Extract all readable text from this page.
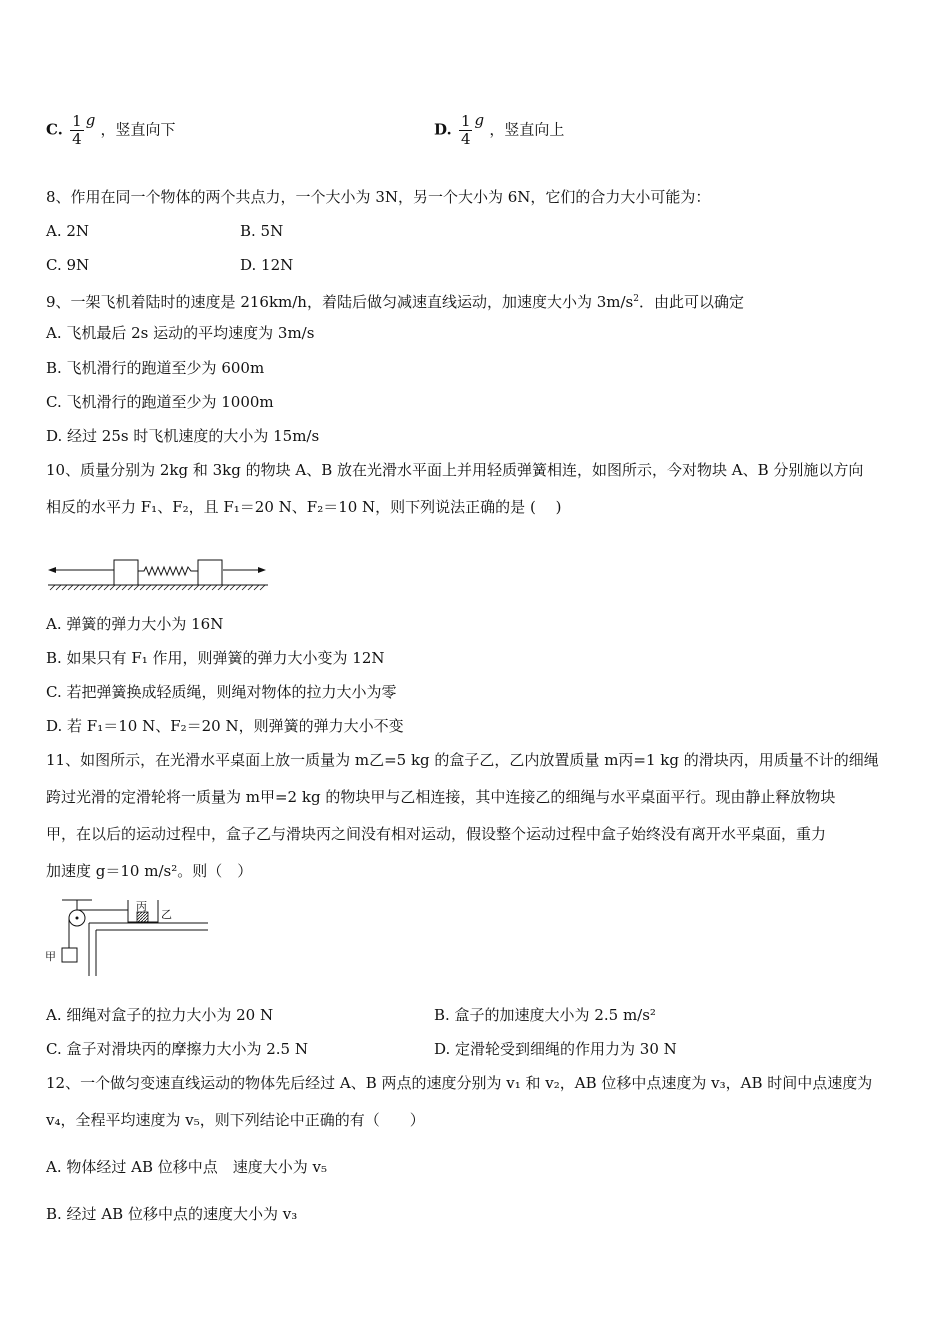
C. $\frac{1}{4}$ g ，竖直向下	D. $\frac{1}{4}$ g ，竖直向上
8、作用在同一个物体的两个共点力，一个大小为 3N，另一个大小为 6N，它们的合力大小可能为：
A. 2N	B. 5N
C. 9N	D. 12N
9、一架飞机着陆时的速度是 216km/h，着陆后做匀减速直线运动，加速度大小为 $3m/s^2$．由此可以确定
A. 飞机最后 2s 运动的平均速度为 3m/s
B. 飞机滑行的跑道至少为 600m
C. 飞机滑行的跑道至少为 1000m
D. 经过 25s 时飞机速度的大小为 15m/s
10、质量分别为 2kg 和 3kg 的物块 A、B 放在光滑水平面上并用轻质弹簧相连，如图所示，今对物块 A、B 分别施以方向
相反的水平力 F₁、F₂，且 F₁＝20 N、F₂＝10 N，则下列说法正确的是 (　 )
A. 弹簧的弹力大小为 16N
B. 如果只有 F₁ 作用，则弹簧的弹力大小变为 12N
C. 若把弹簧换成轻质绳，则绳对物体的拉力大小为零
D. 若 F₁＝10 N、F₂＝20 N，则弹簧的弹力大小不变
11、如图所示，在光滑水平桌面上放一质量为 m乙=5 kg 的盒子乙，乙内放置质量 m丙=1 kg 的滑块丙，用质量不计的细绳
跨过光滑的定滑轮将一质量为 m甲=2 kg 的物块甲与乙相连接，其中连接乙的细绳与水平桌面平行。现由静止释放物块
甲，在以后的运动过程中，盒子乙与滑块丙之间没有相对运动，假设整个运动过程中盒子始终没有离开水平桌面，重力
加速度 g＝10 m/s²。则（　）
甲
丙
乙
A. 细绳对盒子的拉力大小为 20 N	B. 盒子的加速度大小为 2.5 m/s²
C. 盒子对滑块丙的摩擦力大小为 2.5 N	D. 定滑轮受到细绳的作用力为 30 N
12、一个做匀变速直线运动的物体先后经过 A、B 两点的速度分别为 v₁ 和 v₂，AB 位移中点速度为 v₃，AB 时间中点速度为
v₄，全程平均速度为 v₅，则下列结论中正确的有（　　）
A. 物体经过 AB 位移中点　速度大小为 v₅
B. 经过 AB 位移中点的速度大小为 v₃
